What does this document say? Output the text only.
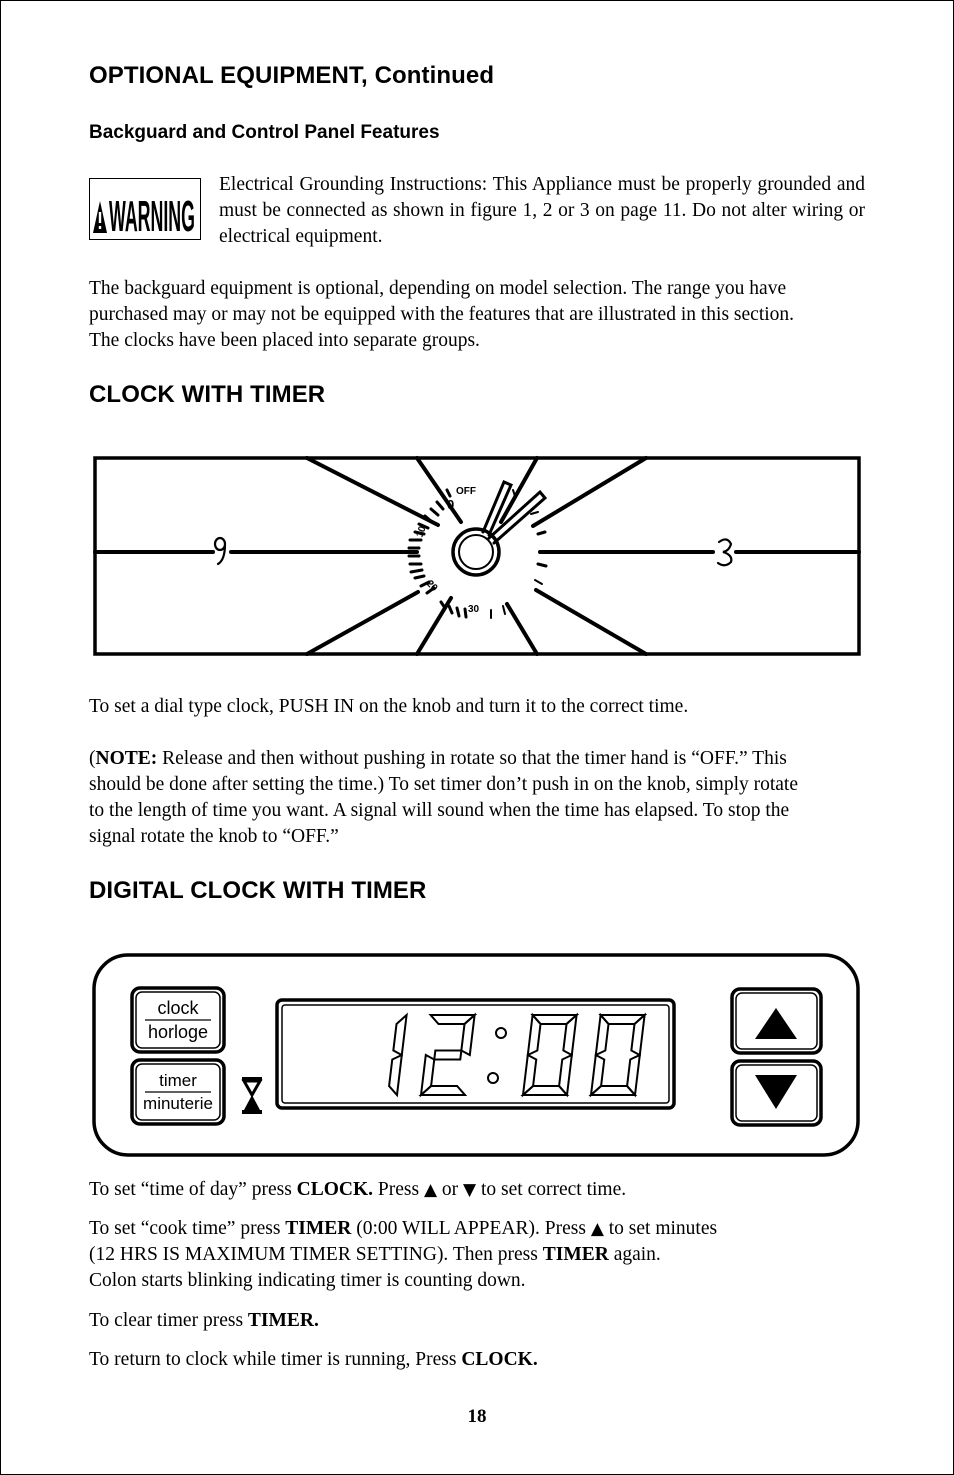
OPTIONAL EQUIPMENT, Continued
Backguard and Control Panel Features
WARNING

Electrical Grounding Instructions: This Appliance must be properly grounded and must be connected as shown in figure 1, 2 or 3 on page 11. Do not alter wiring or electrical equipment.

The backguard equipment is optional, depending on model selection. The range you have
purchased may or may not be equipped with the features that are illustrated in this section.
The clocks have been placed into separate groups.

CLOCK WITH TIMER
OFF
0
10
20
30

To set a dial type clock, PUSH IN on the knob and turn it to the correct time.

(NOTE: Release and then without pushing in rotate so that the timer hand is “OFF.” This
should be done after setting the time.) To set timer don’t push in on the knob, simply rotate
to the length of time you want. A signal will sound when the time has elapsed. To stop the
signal rotate the knob to “OFF.”

DIGITAL CLOCK WITH TIMER
clock
horloge
timer
minuterie
12:00

To set “time of day” press CLOCK. Press ▲ or ▼ to set correct time.

To set “cook time” press TIMER (0:00 WILL APPEAR). Press ▲ to set minutes
(12 HRS IS MAXIMUM TIMER SETTING). Then press TIMER again.
Colon starts blinking indicating timer is counting down.

To clear timer press TIMER.

To return to clock while timer is running, Press CLOCK.

18
